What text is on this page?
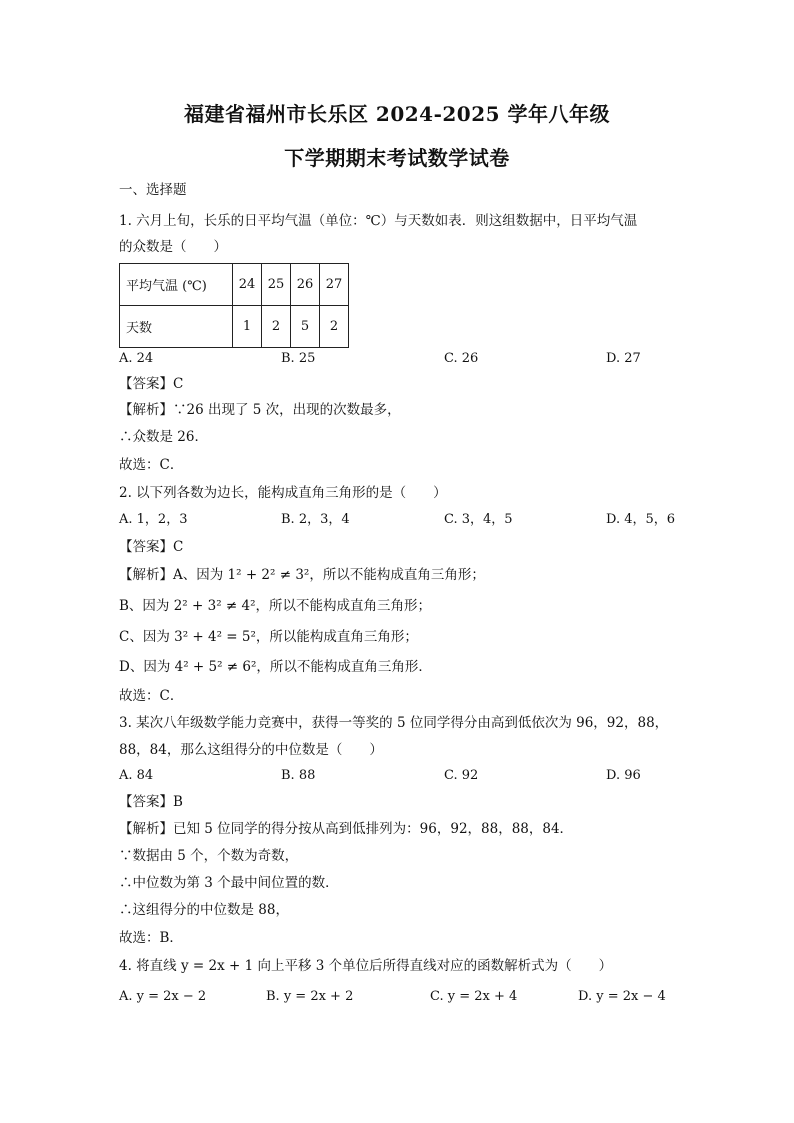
福建省福州市长乐区 2024-2025 学年八年级
下学期期末考试数学试卷
一、选择题
1. 六月上旬，长乐的日平均气温（单位：℃）与天数如表．则这组数据中，日平均气温
的众数是（　　）
平均气温 (℃)	24	25	26	27
天数	1	2	5	2
A. 24	B. 25	C. 26	D. 27
【答案】C
【解析】∵26 出现了 5 次，出现的次数最多，
∴众数是 26．
故选：C．
2. 以下列各数为边长，能构成直角三角形的是（　　）
A. 1，2，3	B. 2，3，4	C. 3，4，5	D. 4，5，6
【答案】C
【解析】A、因为 1² + 2² ≠ 3²，所以不能构成直角三角形；
B、因为 2² + 3² ≠ 4²，所以不能构成直角三角形；
C、因为 3² + 4² = 5²，所以能构成直角三角形；
D、因为 4² + 5² ≠ 6²，所以不能构成直角三角形．
故选：C．
3. 某次八年级数学能力竞赛中，获得一等奖的 5 位同学得分由高到低依次为 96，92，88，
88，84，那么这组得分的中位数是（　　）
A. 84	B. 88	C. 92	D. 96
【答案】B
【解析】已知 5 位同学的得分按从高到低排列为：96，92，88，88，84．
∵数据由 5 个，个数为奇数，
∴中位数为第 3 个最中间位置的数．
∴这组得分的中位数是 88，
故选：B．
4. 将直线 y = 2x + 1 向上平移 3 个单位后所得直线对应的函数解析式为（　　）
A. y = 2x − 2	B. y = 2x + 2	C. y = 2x + 4	D. y = 2x − 4
